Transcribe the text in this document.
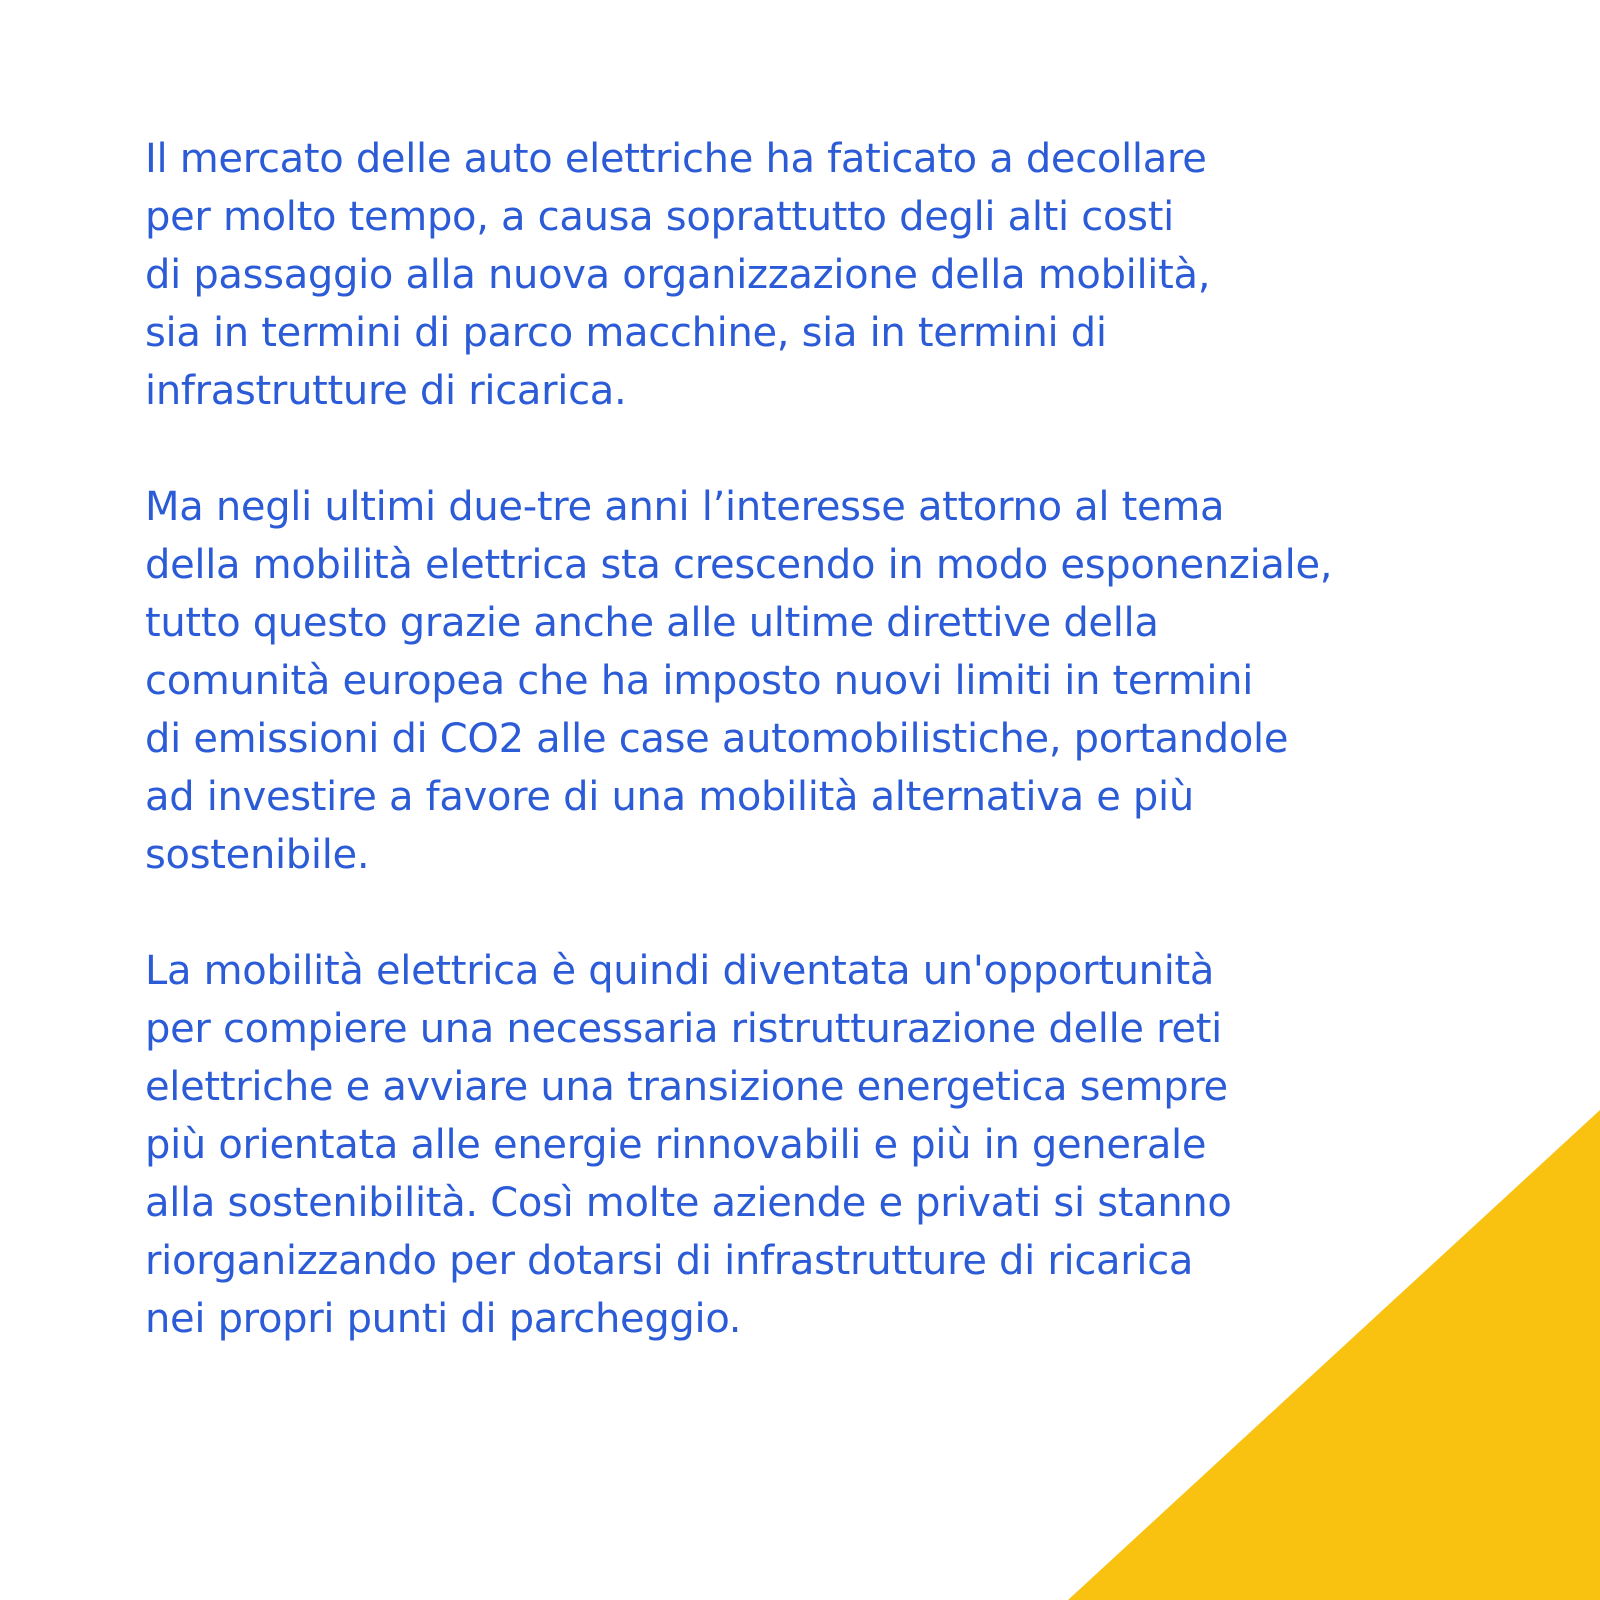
Il mercato delle auto elettriche ha faticato a decollare
per molto tempo, a causa soprattutto degli alti costi
di passaggio alla nuova organizzazione della mobilità,
sia in termini di parco macchine, sia in termini di
infrastrutture di ricarica.

Ma negli ultimi due-tre anni l’interesse attorno al tema
della mobilità elettrica sta crescendo in modo esponenziale,
tutto questo grazie anche alle ultime direttive della
comunità europea che ha imposto nuovi limiti in termini
di emissioni di CO2 alle case automobilistiche, portandole
ad investire a favore di una mobilità alternativa e più
sostenibile.

La mobilità elettrica è quindi diventata un'opportunità
per compiere una necessaria ristrutturazione delle reti
elettriche e avviare una transizione energetica sempre
più orientata alle energie rinnovabili e più in generale
alla sostenibilità. Così molte aziende e privati si stanno
riorganizzando per dotarsi di infrastrutture di ricarica
nei propri punti di parcheggio.
